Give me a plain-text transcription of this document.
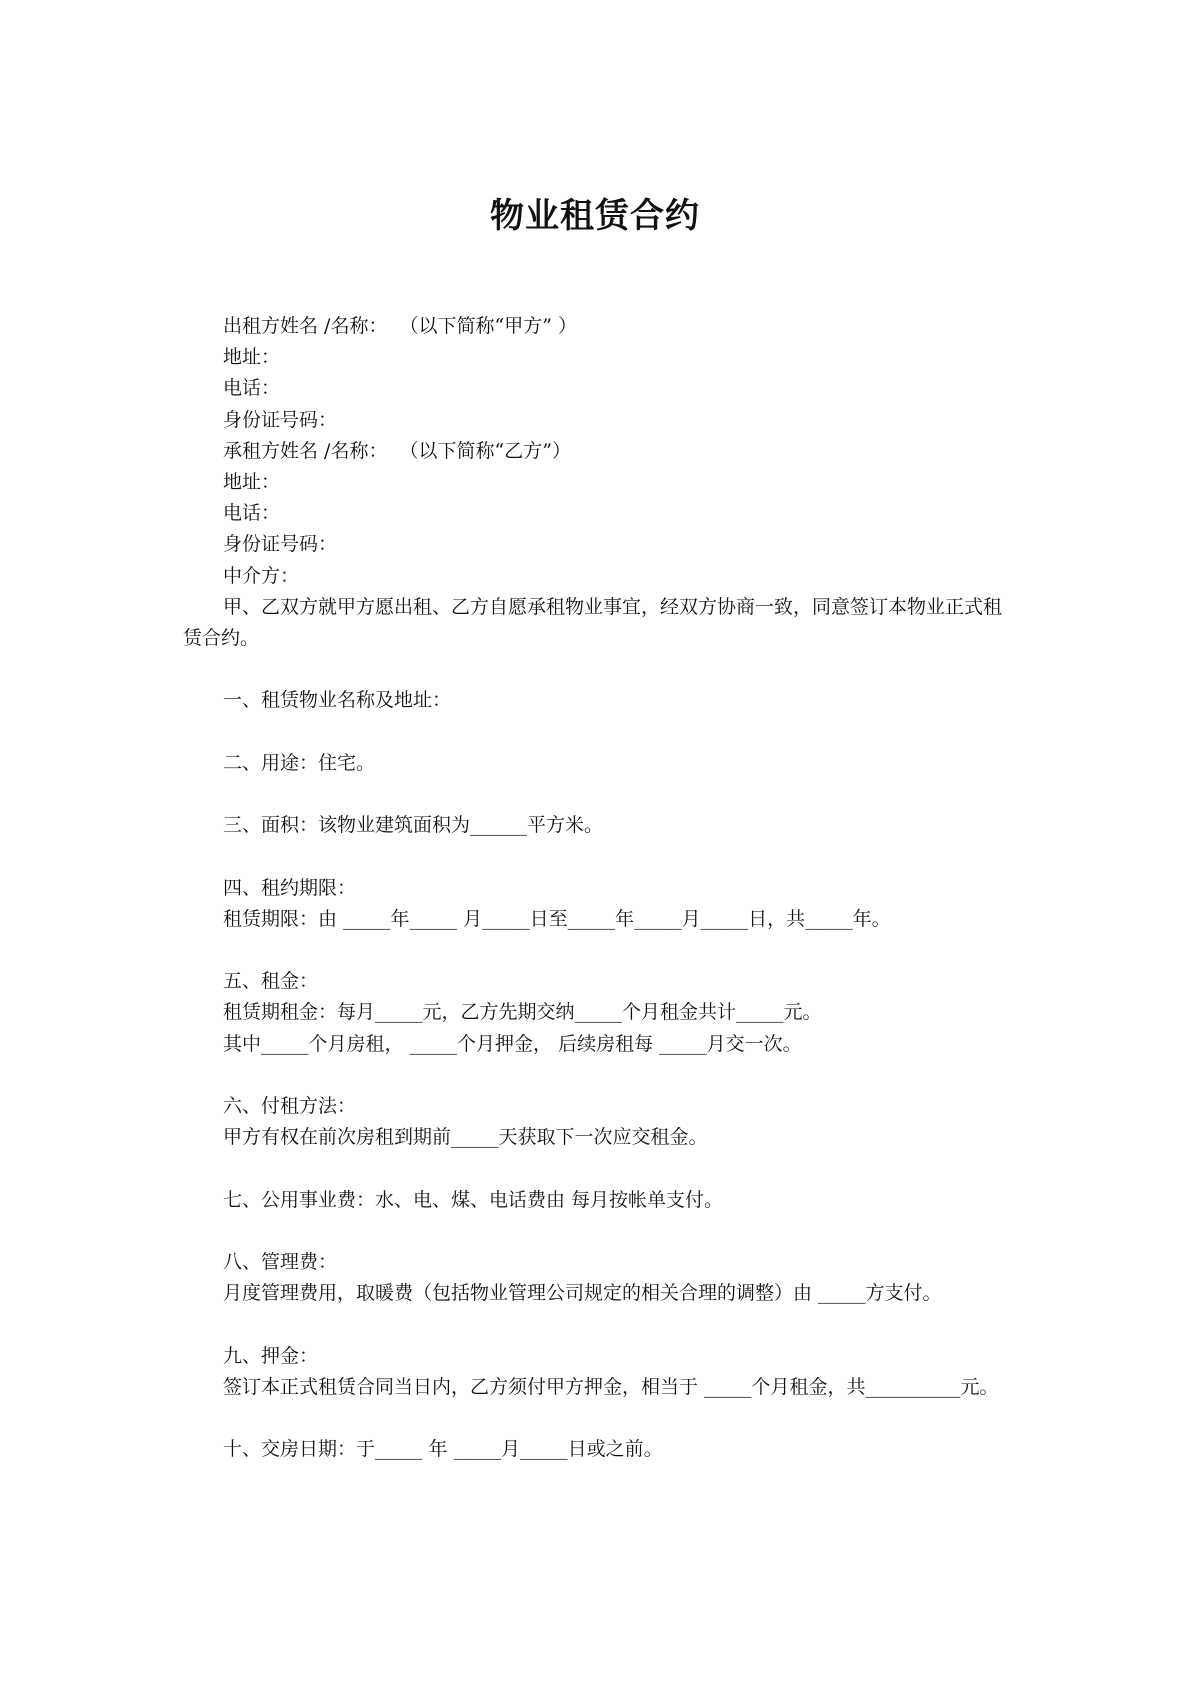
物业租赁合约
出租方姓名 /名称：  （以下简称“甲方” ）
地址：
电话：
身份证号码：
承租方姓名 /名称：  （以下简称“乙方”）
地址：
电话：
身份证号码：
中介方：
甲、乙双方就甲方愿出租、乙方自愿承租物业事宜，经双方协商一致，同意签订本物业正式租赁合约。
一、租赁物业名称及地址：
二、用途：住宅。
三、面积：该物业建筑面积为______平方米。
四、租约期限：
租赁期限：由 _____年_____ 月_____日至_____年_____月_____日，共_____年。
五、租金：
租赁期租金：每月_____元，乙方先期交纳_____个月租金共计_____元。
其中_____个月房租， _____个月押金， 后续房租每 _____月交一次。
六、付租方法：
甲方有权在前次房租到期前_____天获取下一次应交租金。
七、公用事业费：水、电、煤、电话费由 每月按帐单支付。
八、管理费：
月度管理费用，取暖费（包括物业管理公司规定的相关合理的调整）由 _____方支付。
九、押金：
签订本正式租赁合同当日内，乙方须付甲方押金，相当于 _____个月租金，共__________元。
十、交房日期：于_____ 年 _____月_____日或之前。
